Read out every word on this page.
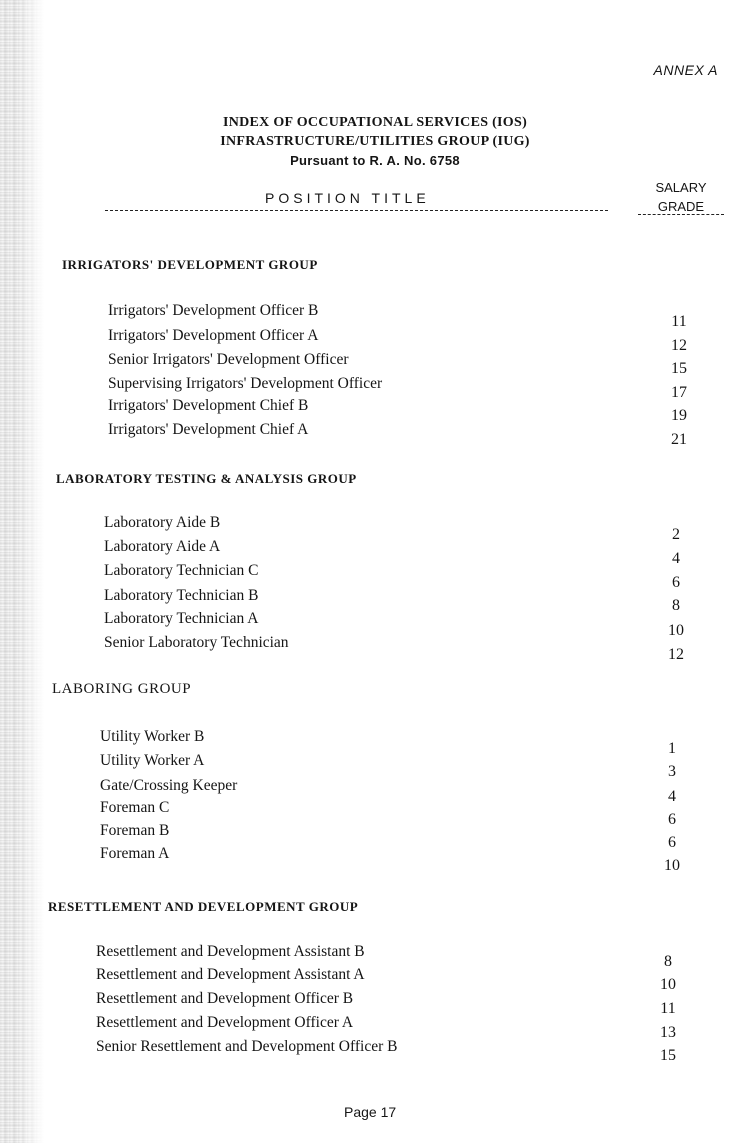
ANNEX A
INDEX OF OCCUPATIONAL SERVICES (IOS)
INFRASTRUCTURE/UTILITIES GROUP (IUG)
Pursuant to R. A. No. 6758
POSITION TITLE
SALARY
GRADE
IRRIGATORS' DEVELOPMENT GROUP
Irrigators' Development Officer B
11
Irrigators' Development Officer A
12
Senior Irrigators' Development Officer
15
Supervising Irrigators' Development Officer
17
Irrigators' Development Chief B
19
Irrigators' Development Chief A
21
LABORATORY TESTING & ANALYSIS GROUP
Laboratory Aide B
2
Laboratory Aide A
4
Laboratory Technician C
6
Laboratory Technician B
8
Laboratory Technician A
10
Senior Laboratory Technician
12
LABORING GROUP
Utility Worker B
1
Utility Worker A
3
Gate/Crossing Keeper
4
Foreman C
6
Foreman B
6
Foreman A
10
RESETTLEMENT AND DEVELOPMENT GROUP
Resettlement and Development Assistant B
8
Resettlement and Development Assistant A
10
Resettlement and Development Officer B
11
Resettlement and Development Officer A
13
Senior Resettlement and Development Officer B
15
Page 17
